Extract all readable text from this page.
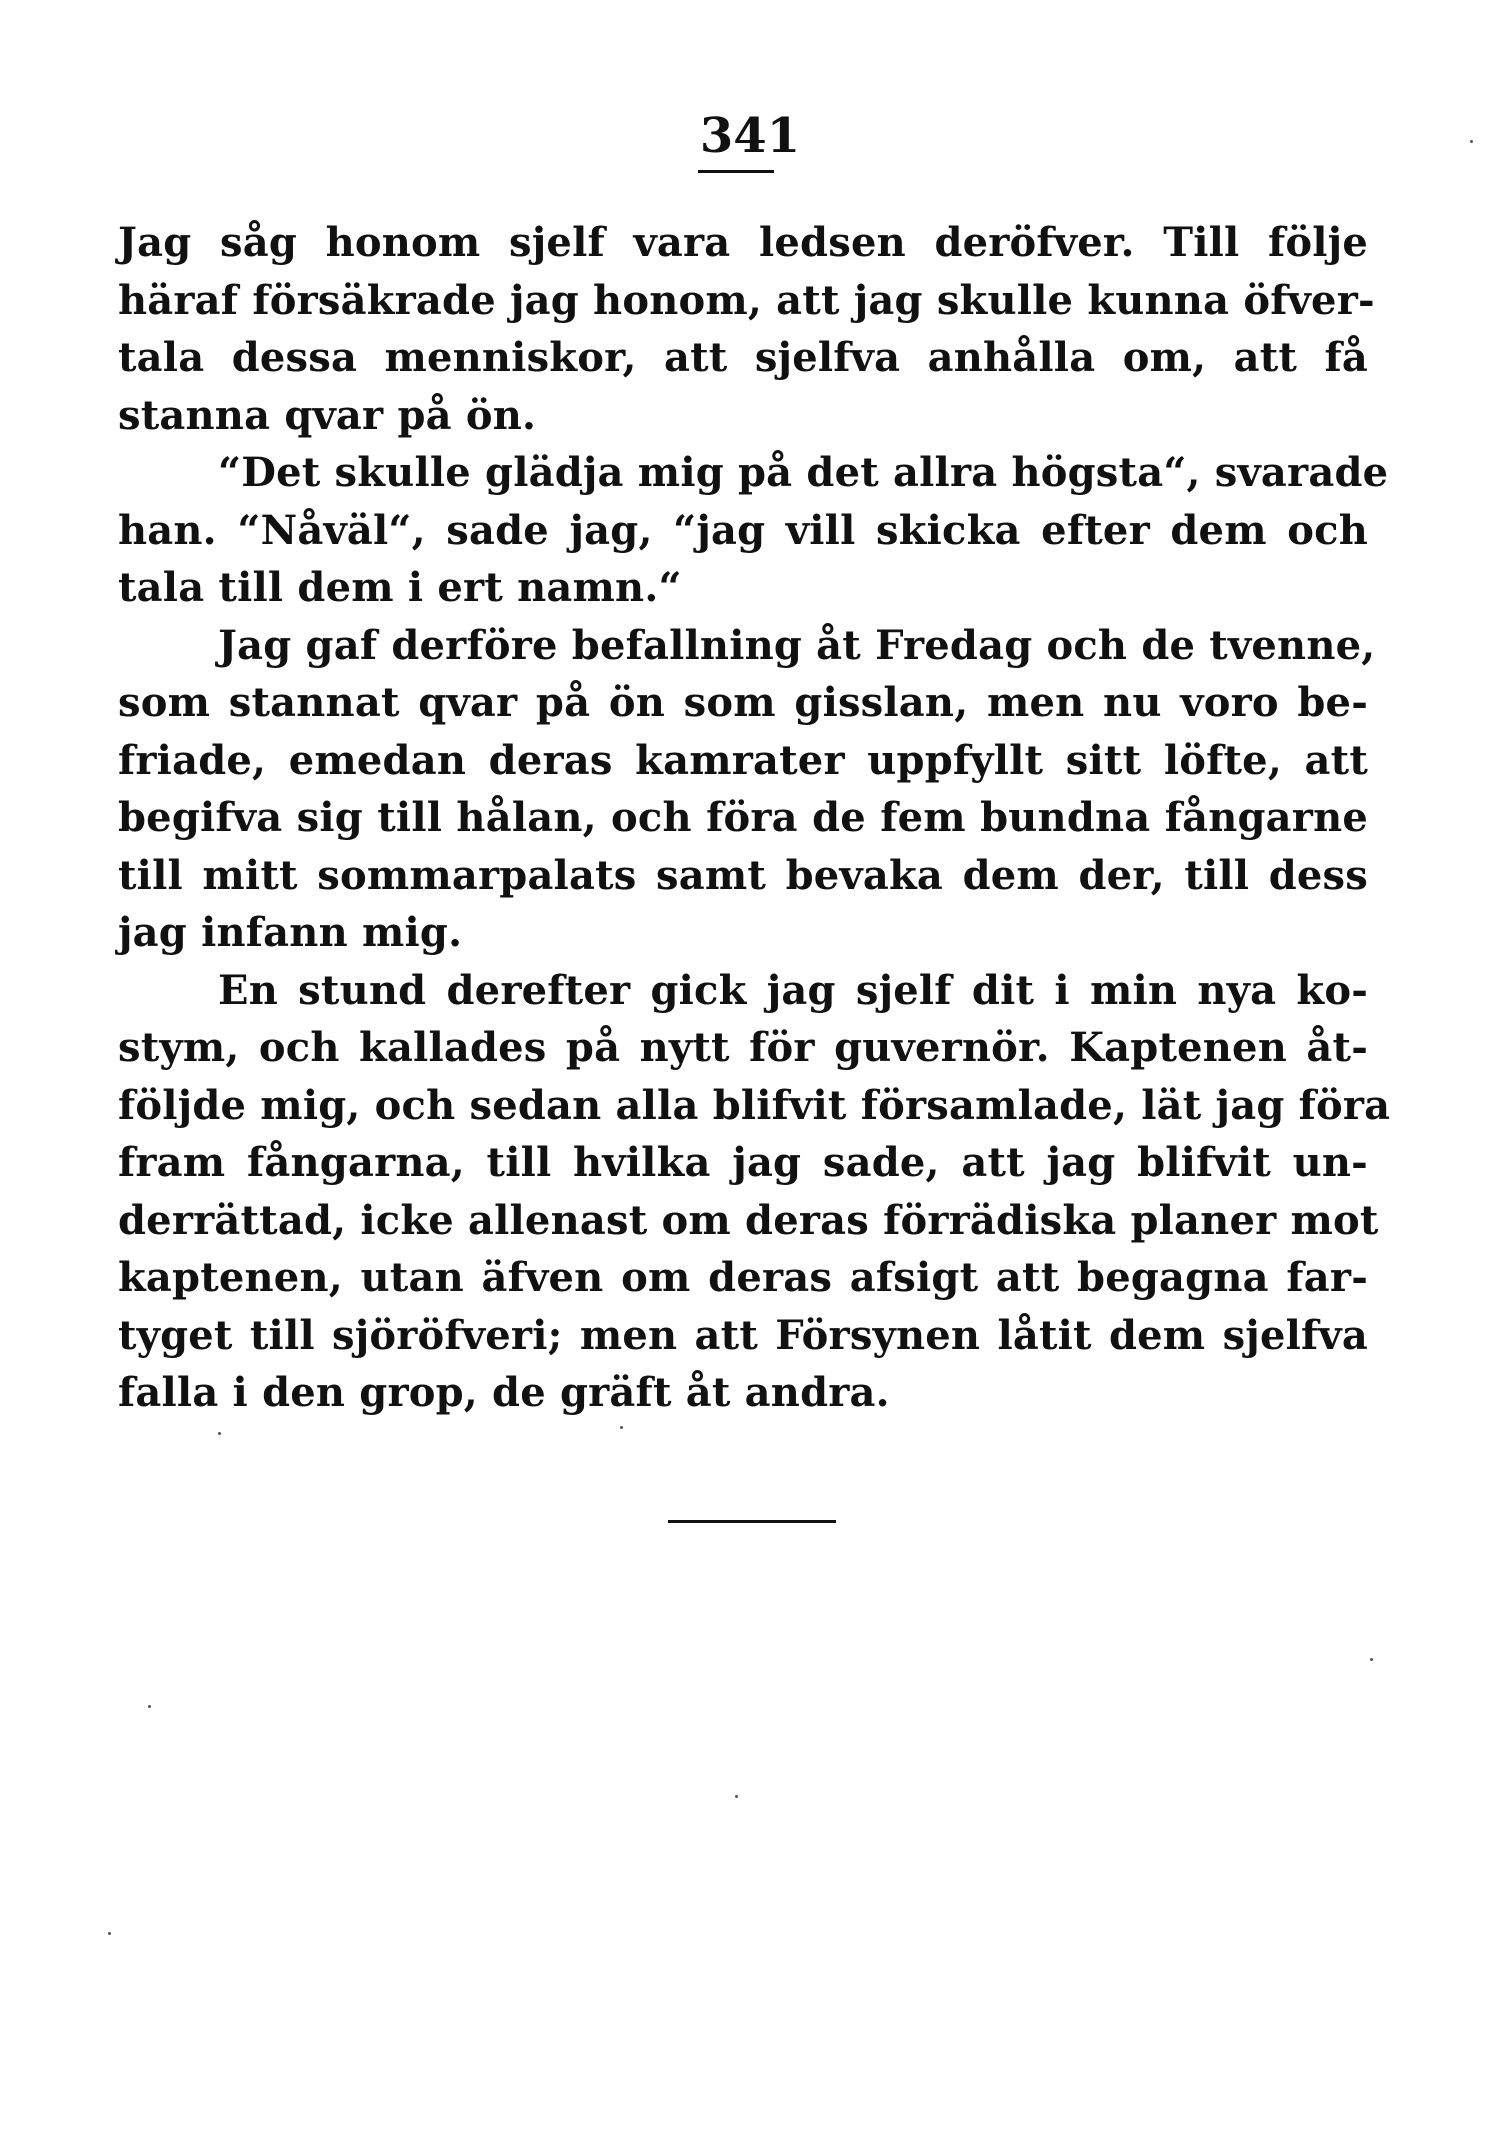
341
Jag såg honom sjelf vara ledsen deröfver. Till följe
häraf försäkrade jag honom, att jag skulle kunna öfver-
tala dessa menniskor, att sjelfva anhålla om, att få
stanna qvar på ön.
“Det skulle glädja mig på det allra högsta“, svarade
han. “Nåväl“, sade jag, “jag vill skicka efter dem och
tala till dem i ert namn.“
Jag gaf derföre befallning åt Fredag och de tvenne,
som stannat qvar på ön som gisslan, men nu voro be-
friade, emedan deras kamrater uppfyllt sitt löfte, att
begifva sig till hålan, och föra de fem bundna fångarne
till mitt sommarpalats samt bevaka dem der, till dess
jag infann mig.
En stund derefter gick jag sjelf dit i min nya ko-
stym, och kallades på nytt för guvernör. Kaptenen åt-
följde mig, och sedan alla blifvit församlade, lät jag föra
fram fångarna, till hvilka jag sade, att jag blifvit un-
derrättad, icke allenast om deras förrädiska planer mot
kaptenen, utan äfven om deras afsigt att begagna far-
tyget till sjöröfveri; men att Försynen låtit dem sjelfva
falla i den grop, de gräft åt andra.
